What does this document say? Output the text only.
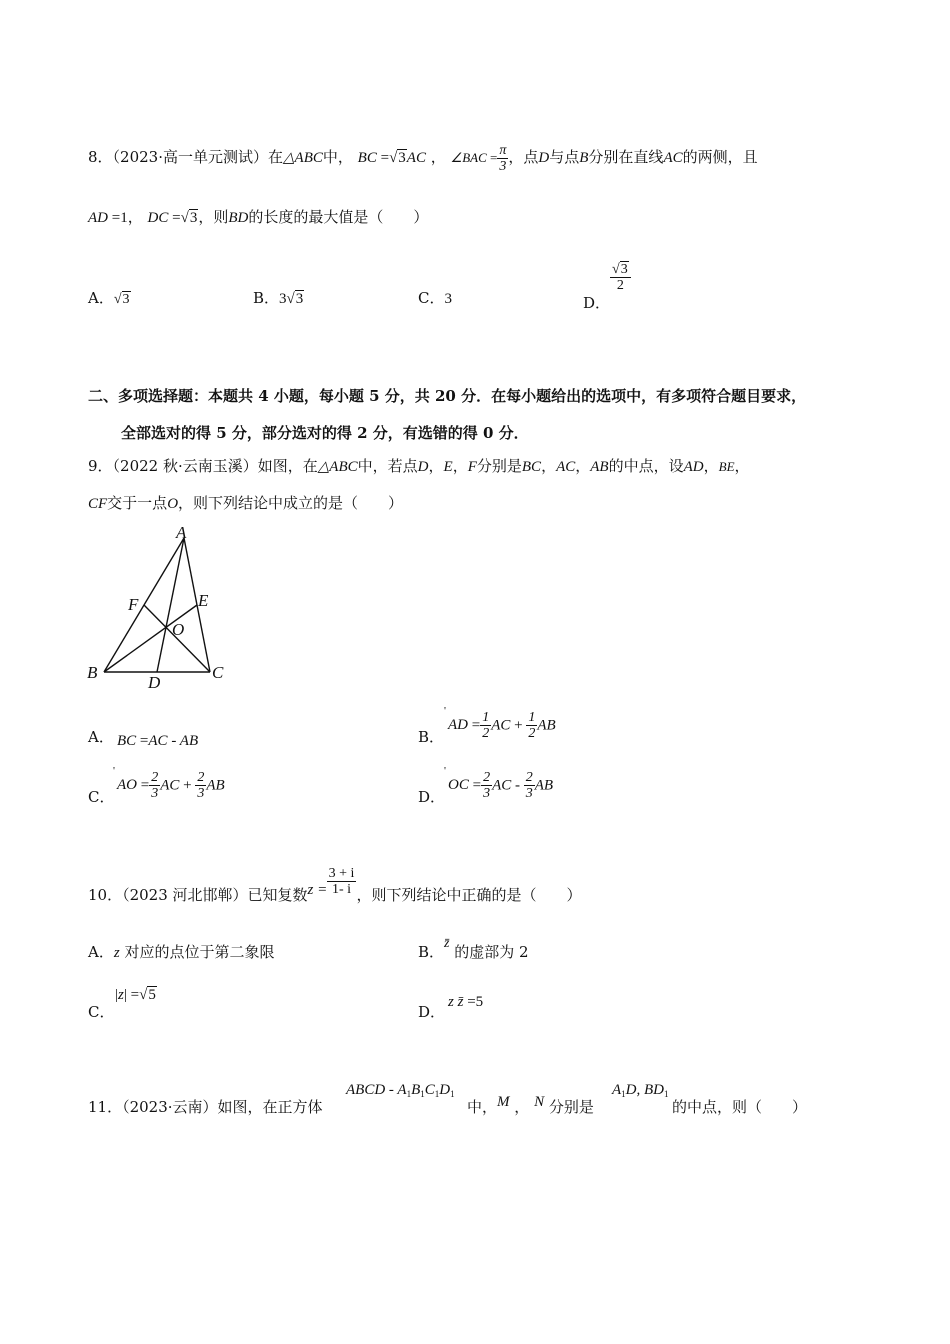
8．（2023·高一单元测试）在△ABC中， BC =√3AC ， ∠BAC = $\frac{\pi}{3}$ ，点D与点B分别在直线AC的两侧，且
AD =1， DC =√3，则BD的长度的最大值是（　　）
A．√3	B．3√3	C．3	D．
$\frac{√3}{2}$
二、多项选择题：本题共 4 小题，每小题 5 分，共 20 分．在每小题给出的选项中，有多项符合题目要求，
全部选对的得 5 分，部分选对的得 2 分，有选错的得 0 分．
9．（2022 秋·云南玉溪）如图，在△ABC中，若点D，E，F分别是BC，AC，AB的中点，设AD，BE，
CF交于一点O，则下列结论中成立的是（　　）
A
B	C
D
E
F
O
A． BC =AC - AB	B．
' AD = $\frac{1}{2}$ AC + $\frac{1}{2}$ AB
C．
' AO = $\frac{2}{3}$ AC + $\frac{2}{3}$ AB
D．
' OC = $\frac{2}{3}$ AC - $\frac{2}{3}$ AB
10．（2023 河北邯郸）已知复数$z = \frac{3 + i}{1- i}$ ，则下列结论中正确的是（　　）
A．z 对应的点位于第二象限	B．z̄ 的虚部为 2
C．
|z| =√5
D．
z z̄ =5
11．（2023·云南）如图，在正方体
ABCD - $A_1B_1C_1D_1$
中，M ， N 分别是
$A_1D$, $BD_1$
的中点，则（　　）
